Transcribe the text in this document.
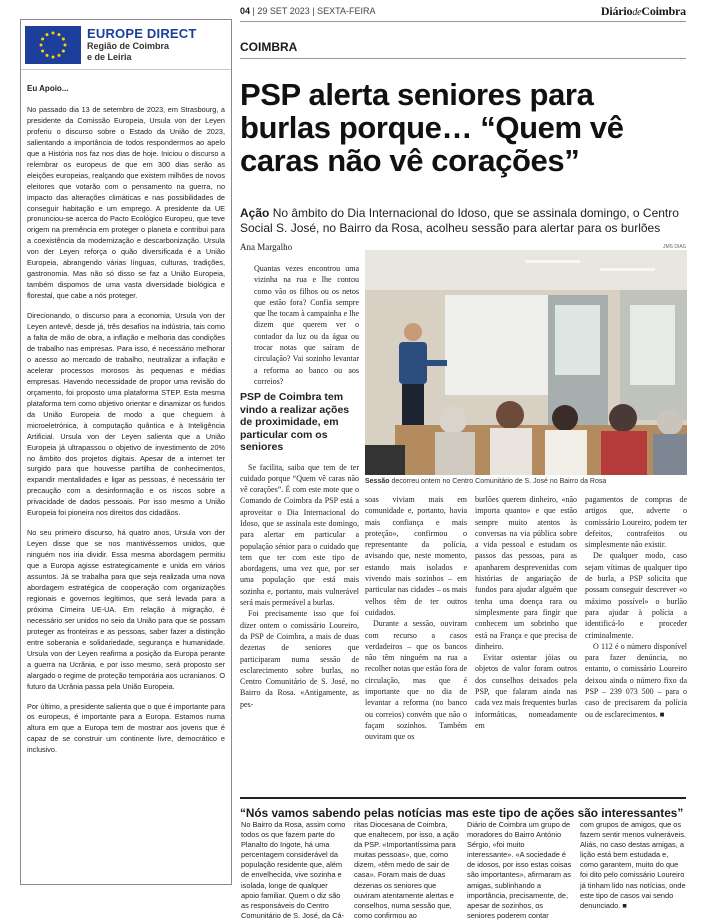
EUROPE DIRECT
Região de Coimbra
e de Leiria
Eu Apoio...

No passado dia 13 de setembro de 2023, em Strasbourg, a presidente da Comissão Europeia, Ursula von der Leyen proferiu o discurso sobre o Estado da União de 2023, salientando a importância de todos respondermos ao apelo que a História nos faz nos dias de hoje. Iniciou o discurso a relembrar os europeus de que em 300 dias serão as eleições europeias, realçando que existem milhões de novos eleitores que votarão com o pensamento na guerra, no impacto das alterações climáticas e nas possibilidades de conseguir habitação e um emprego. A presidente da UE pronunciou-se acerca do Pacto Ecológico Europeu, que teve origem na premência em proteger o planeta e contribui para a coexistência da modernização e descarbonização. Ursula von der Leyen reforça o quão diversificada é a União Europeia, abrangendo várias línguas, culturas, tradições, gastronomia. Mas não só disso se faz a União Europeia, também dispomos de uma vasta diversidade biológica e florestal, que cabe a nós proteger.

Direcionando, o discurso para a economia, Ursula von der Leyen antevê, desde já, três desafios na indústria, tais como a falta de mão de obra, a inflação e melhoria das condições de trabalho nas empresas. Para isso, é necessário melhorar o acesso ao mercado de trabalho, neutralizar a inflação e acelerar processos morosos às pequenas e médias empresas. Havendo necessidade de propor uma revisão do orçamento, foi proposto uma plataforma STEP. Esta mesma plataforma tem como objetivo orientar e dinamizar os fundos da União Europeia de modo a que cheguem à microeletrónica, à computação quântica e à Inteligência Artificial. Ursula von der Leyen salienta que a União Europeia já ultrapassou o objetivo de investimento de 20% no âmbito dos projetos digitais. Apesar de a internet ter surgido para que houvesse partilha de conhecimentos, expandir mentalidades e ligar as pessoas, é necessário ter precaução com a desinformação e os riscos sobre a privacidade de dados pessoais. Por isso mesmo a União Europeia foi pioneira nos direitos dos cidadãos.

No seu primeiro discurso, há quatro anos, Ursula von der Leyen disse que se nos mantivéssemos unidos, que ninguém nos iria dividir. Essa mesma abordagem permitiu que a Europa agisse estrategicamente e unida em vários assuntos. Já se trabalha para que seja realizada uma nova abordagem estratégica de cooperação com organizações regionais e governos legítimos, que será levada para a próxima Cimeira UE-UA. Em relação à migração, é necessário ser unidos no seio da União para que se possam proteger as fronteiras e as pessoas, saber fazer a distinção entre soberania e solidariedade, segurança e humanidade. Ursula von der Leyen reafirma a posição da Europa perante a guerra na Ucrânia, e por isso mesmo, será proposto ser alargado o regime de proteção temporária aos ucranianos. O futuro da Ucrânia passa pela União Europeia.

Por último, a presidente salienta que o que é importante para os europeus, é importante para a Europa. Estamos numa altura em que a Europa tem de mostrar aos jovens que é capaz de se construir um continente livre, democrático e inclusivo.

04 | 29 SET 2023 | SEXTA-FEIRA	DiáriodeCoimbra
COIMBRA
PSP alerta seniores para burlas porque… “Quem vê caras não vê corações”
Ação No âmbito do Dia Internacional do Idoso, que se assinala domingo, o Centro Social S. José, no Bairro da Rosa, acolheu sessão para alertar para os burlões
Ana Margalho	JMS DIAS
Sessão decorreu ontem no Centro Comunitário de S. José no Bairro da Rosa

Quantas vezes encontrou uma vizinha na rua e lhe contou como vão os filhos ou os netos que estão fora? Confia sempre que lhe tocam à campainha e lhe dizem que querem ver o contador da luz ou da água ou trocar notas que saíram de circulação? Vai sozinho levantar a reforma ao banco ou aos correios?

PSP de Coimbra tem vindo a realizar ações de proximidade, em particular com os seniores

Se facilita, saiba que tem de ter cuidado porque “Quem vê caras não vê corações”. É com este mote que o Comando de Coimbra da PSP está a aproveitar o Dia Internacional do Idoso, que se assinala este domingo, para alertar em particular a população sénior para o cuidado que tem que ter com este tipo de abordagens, uma vez que, por ser uma população que está mais sozinha e, portanto, mais vulnerável será mais permeável a burlas.

Foi precisamente isso que foi dizer ontem o comissário Loureiro, da PSP de Coimbra, a mais de duas dezenas de seniores que participaram numa sessão de esclarecimento sobre burlas, no Centro Comunitário de S. José, no Bairro da Rosa. «Antigamente, as pes-

soas viviam mais em comunidade e, portanto, havia mais confiança e mais proteção», confirmou o representante da polícia, avisando que, neste momento, estando mais isolados e vivendo mais sozinhos – em particular nas cidades – os mais velhos têm de ter outros cuidados.

Durante a sessão, ouviram com recurso a casos verdadeiros – que os bancos não têm ninguém na rua a recolher notas que estão fora de circulação, mas que é importante que no dia de levantar a reforma (no banco ou correios) convém que não o façam sozinhos. Também ouviram que os

burlões querem dinheiro, «não importa quanto» e que estão sempre muito atentos às conversas na via pública sobre a vida pessoal e estudam os passos das pessoas, para as apanharem desprevenidas com histórias de angariação de fundos para ajudar alguém que tenha uma doença rara ou simplesmente para fingir que conhecem um sobrinho que está na França e que precisa de dinheiro.

Evitar ostentar jóias ou objetos de valor foram outros dos conselhos deixados pela PSP, que falaram ainda nas cada vez mais frequentes burlas informáticas, nomeadamente em

pagamentos de compras de artigos que, adverte o comissário Loureiro, podem ter defeitos, contrafeitos ou simplesmente não existir.

De qualquer modo, caso sejam vítimas de qualquer tipo de burla, a PSP solicita que possam conseguir descrever «o máximo possível» o burlão para ajudar à polícia a identificá-lo e proceder criminalmente.

O 112 é o número disponível para fazer denúncia, no entanto, o comissário Loureiro deixou ainda o número fixo da PSP – 239 073 500 – para o caso de precisarem da polícia ou de esclarecimentos. ■

“Nós vamos sabendo pelas notícias mas este tipo de ações são interessantes”
No Bairro da Rosa, assim como todos os que fazem parte do Planalto do Ingote, há uma percentagem considerável da população residente que, além de envelhecida, vive sozinha e isolada, longe de qualquer apoio familiar. Quem o diz são as responsáveis do Centro Comunitário de S. José, da Cá-
ritas Diocesana de Coimbra, que enaltecem, por isso, a ação da PSP. «Importantíssima para muitas pessoas», que, como dizem, «têm medo de sair de casa». Foram mais de duas dezenas os seniores que ouviram atentamente alertas e conselhos, numa sessão que, como confirmou ao
Diário de Coimbra um grupo de moradores do Bairro António Sérgio, «foi muito interessante». «A sociedade é de idosos, por isso estas coisas são importantes», afirmaram as amigas, sublinhando a importância, precisamente, de, apesar de sozinhos, os seniores poderem contar
com grupos de amigos, que os fazem sentir menos vulneráveis. Aliás, no caso destas amigas, a lição está bem estudada e, como garantem, muito do que foi dito pelo comissário Loureiro já tinham lido nas notícias, onde este tipo de casos vai sendo denunciado. ■
